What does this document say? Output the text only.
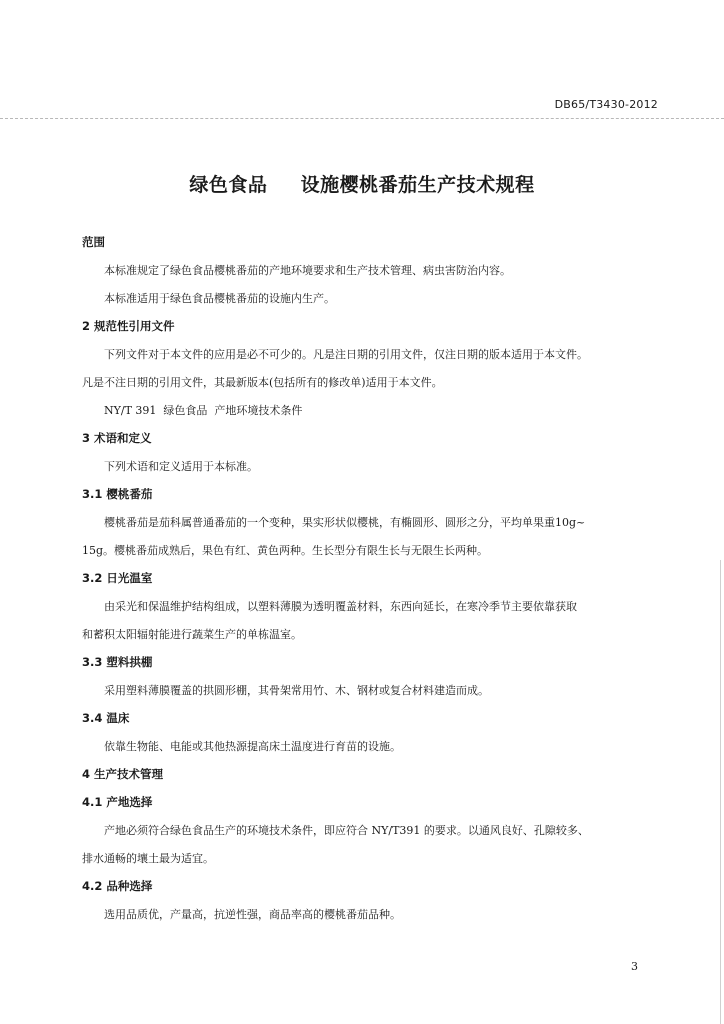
DB65/T3430-2012
绿色食品 设施樱桃番茄生产技术规程
范围
本标准规定了绿色食品樱桃番茄的产地环境要求和生产技术管理、病虫害防治内容。
本标准适用于绿色食品樱桃番茄的设施内生产。
2 规范性引用文件
下列文件对于本文件的应用是必不可少的。凡是注日期的引用文件，仅注日期的版本适用于本文件。
凡是不注日期的引用文件，其最新版本(包括所有的修改单)适用于本文件。
NY/T 391  绿色食品  产地环境技术条件
3 术语和定义
下列术语和定义适用于本标准。
3.1 樱桃番茄
樱桃番茄是茄科属普通番茄的一个变种，果实形状似樱桃，有椭圆形、圆形之分，平均单果重10g~
15g。樱桃番茄成熟后，果色有红、黄色两种。生长型分有限生长与无限生长两种。
3.2 日光温室
由采光和保温维护结构组成，以塑料薄膜为透明覆盖材料，东西向延长，在寒冷季节主要依靠获取
和蓄积太阳辐射能进行蔬菜生产的单栋温室。
3.3 塑料拱棚
采用塑料薄膜覆盖的拱圆形棚，其骨架常用竹、木、钢材或复合材料建造而成。
3.4 温床
依靠生物能、电能或其他热源提高床土温度进行育苗的设施。
4 生产技术管理
4.1 产地选择
产地必须符合绿色食品生产的环境技术条件，即应符合 NY/T391 的要求。以通风良好、孔隙较多、
排水通畅的壤土最为适宜。
4.2 品种选择
选用品质优，产量高，抗逆性强，商品率高的樱桃番茄品种。
3
